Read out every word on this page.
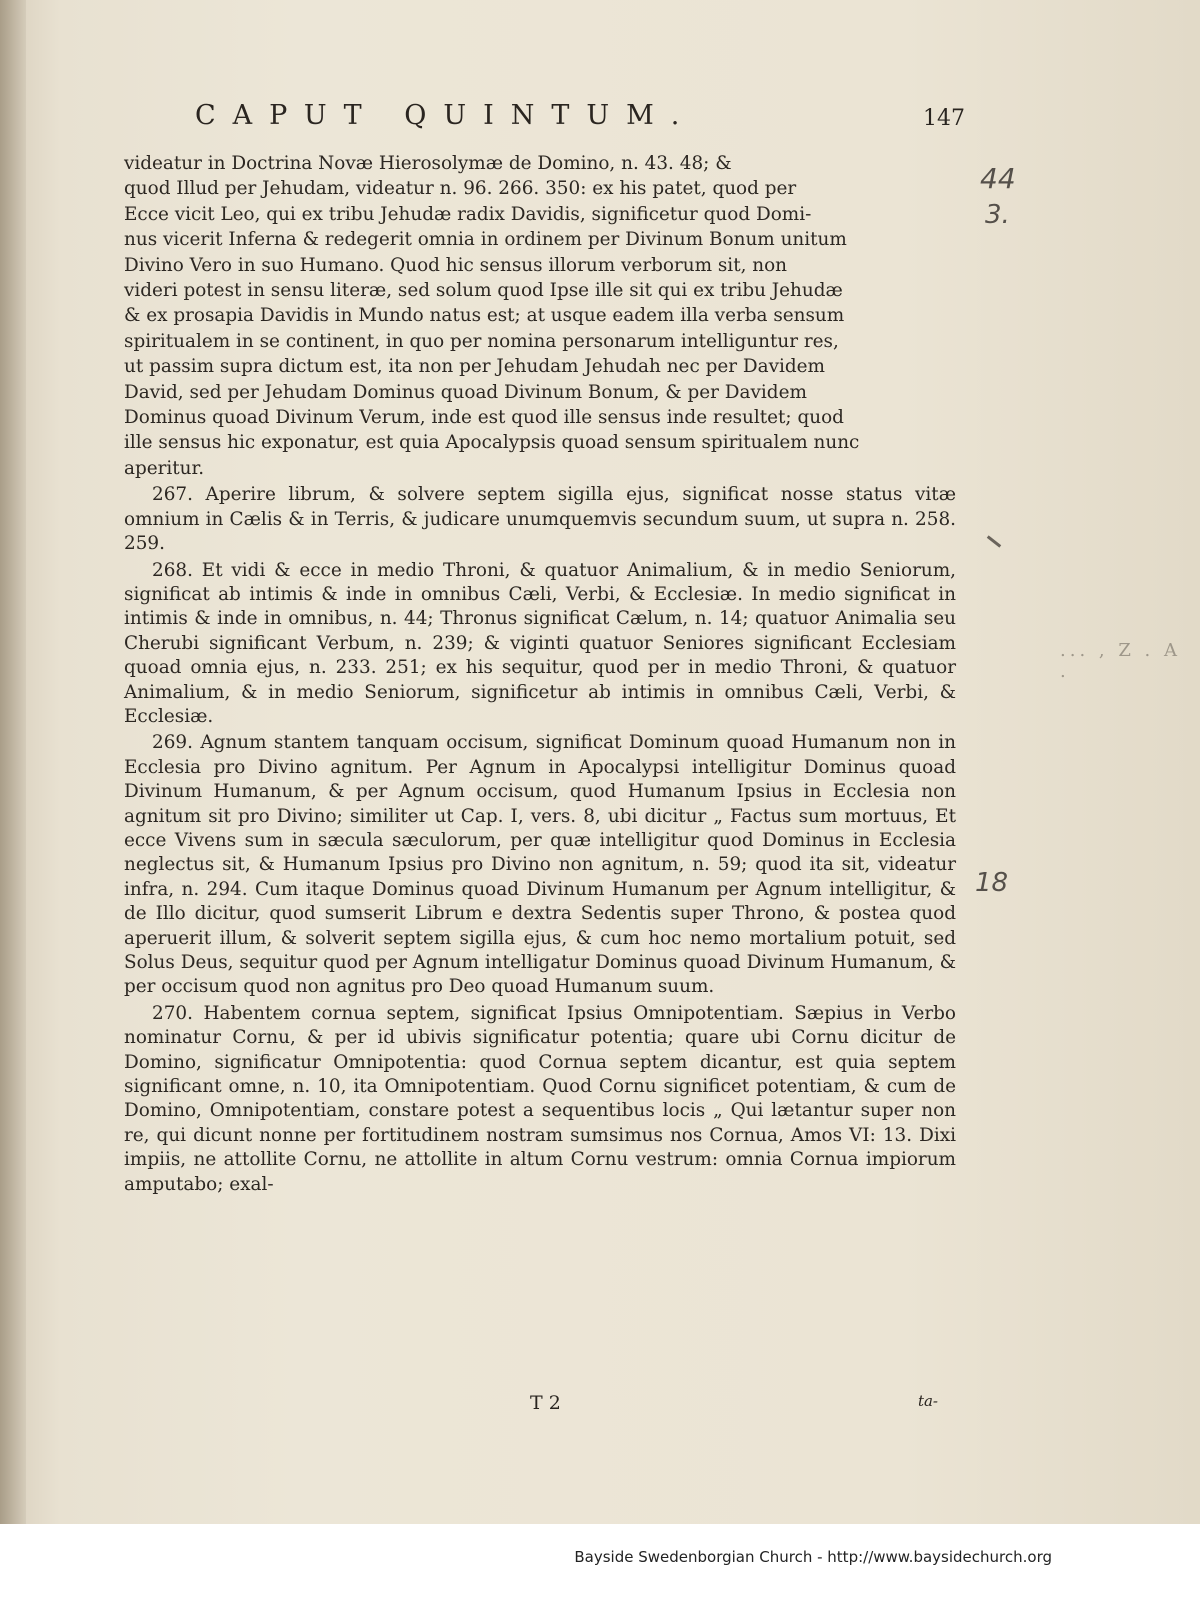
CAPUT QUINTUM.	147

videatur in Doctrina Novæ Hierosolymæ de Domino, n. 43. 48; &

quod Illud per Jehudam, videatur n. 96. 266. 350: ex his patet, quod per

Ecce vicit Leo, qui ex tribu Jehudæ radix Davidis, significetur quod Domi-

nus vicerit Inferna & redegerit omnia in ordinem per Divinum Bonum unitum

Divino Vero in suo Humano. Quod hic sensus illorum verborum sit, non

videri potest in sensu literæ, sed solum quod Ipse ille sit qui ex tribu Jehudæ

& ex prosapia Davidis in Mundo natus est; at usque eadem illa verba sensum

spiritualem in se continent, in quo per nomina personarum intelliguntur res,

ut passim supra dictum est, ita non per Jehudam Jehudah nec per Davidem

David, sed per Jehudam Dominus quoad Divinum Bonum, & per Davidem

Dominus quoad Divinum Verum, inde est quod ille sensus inde resultet; quod

ille sensus hic exponatur, est quia Apocalypsis quoad sensum spiritualem nunc

aperitur.

267. Aperire librum, & solvere septem sigilla ejus, significat nosse status vitæ omnium in Cælis & in Terris, & judicare unumquemvis secundum suum, ut supra n. 258. 259.

268. Et vidi & ecce in medio Throni, & quatuor Animalium, & in medio Seniorum, significat ab intimis & inde in omnibus Cæli, Verbi, & Ecclesiæ. In medio significat in intimis & inde in omnibus, n. 44; Thronus significat Cælum, n. 14; quatuor Animalia seu Cherubi significant Verbum, n. 239; & viginti quatuor Seniores significant Ecclesiam quoad omnia ejus, n. 233. 251; ex his sequitur, quod per in medio Throni, & quatuor Animalium, & in medio Seniorum, significetur ab intimis in omnibus Cæli, Verbi, & Ecclesiæ.

269. Agnum stantem tanquam occisum, significat Dominum quoad Humanum non in Ecclesia pro Divino agnitum. Per Agnum in Apocalypsi intelligitur Dominus quoad Divinum Humanum, & per Agnum occisum, quod Humanum Ipsius in Ecclesia non agnitum sit pro Divino; similiter ut Cap. I, vers. 8, ubi dicitur „ Factus sum mortuus, Et ecce Vivens sum in sæcula sæculorum, per quæ intelligitur quod Dominus in Ecclesia neglectus sit, & Humanum Ipsius pro Divino non agnitum, n. 59; quod ita sit, videatur infra, n. 294. Cum itaque Dominus quoad Divinum Humanum per Agnum intelligitur, & de Illo dicitur, quod sumserit Librum e dextra Sedentis super Throno, & postea quod aperuerit illum, & solverit septem sigilla ejus, & cum hoc nemo mortalium potuit, sed Solus Deus, sequitur quod per Agnum intelligatur Dominus quoad Divinum Humanum, & per occisum quod non agnitus pro Deo quoad Humanum suum.

270. Habentem cornua septem, significat Ipsius Omnipotentiam. Sæpius in Verbo nominatur Cornu, & per id ubivis significatur potentia; quare ubi Cornu dicitur de Domino, significatur Omnipotentia: quod Cornua septem dicantur, est quia septem significant omne, n. 10, ita Omnipotentiam. Quod Cornu significet potentiam, & cum de Domino, Omnipotentiam, constare potest a sequentibus locis „ Qui lætantur super non re, qui dicunt nonne per fortitudinem nostram sumsimus nos Cornua, Amos VI: 13. Dixi impiis, ne attollite Cornu, ne attollite in altum Cornu vestrum: omnia Cornua impiorum amputabo; exal-

T 2	ta-
44
3.
18
... , Z . A .
Bayside Swedenborgian Church - http://www.baysidechurch.org
